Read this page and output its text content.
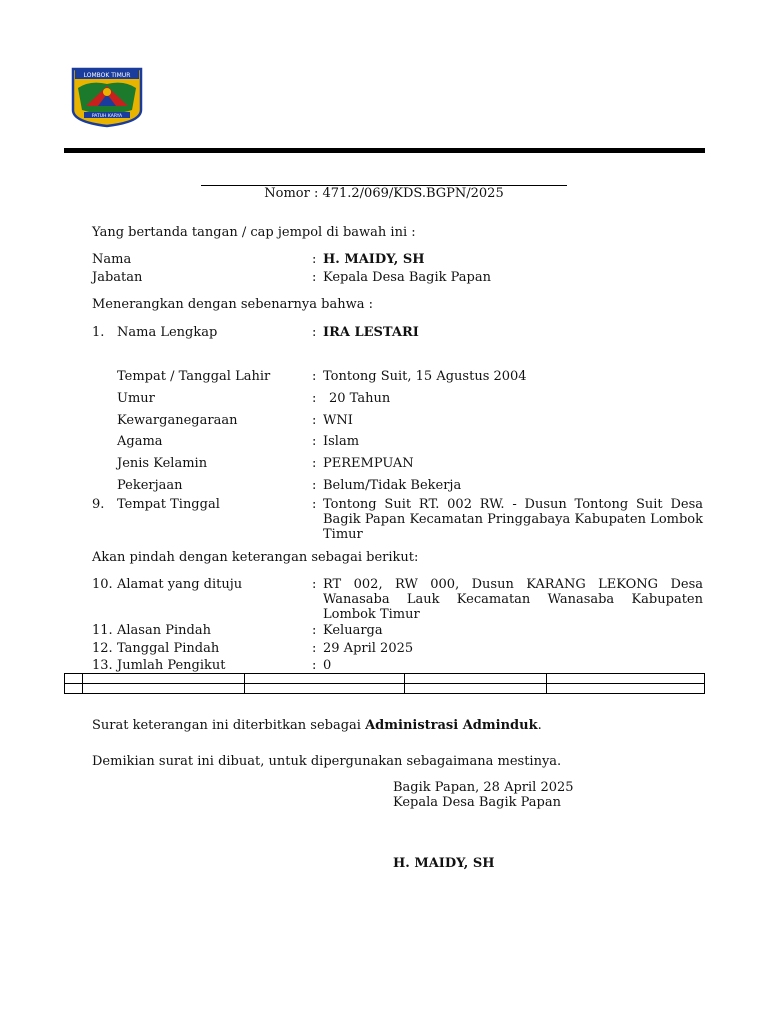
LOMBOK TIMUR
PATUH KARYA
Nomor : 471.2/069/KDS.BGPN/2025
Yang bertanda tangan / cap jempol di bawah ini :
Nama	: H. MAIDY, SH
Jabatan	: Kepala Desa Bagik Papan
Menerangkan dengan sebenarnya bahwa :
1. Nama Lengkap	: IRA LESTARI
Tempat / Tanggal Lahir	: Tontong Suit, 15 Agustus 2004
Umur	: 20 Tahun
Kewarganegaraan	: WNI
Agama	: Islam
Jenis Kelamin	: PEREMPUAN
Pekerjaan	: Belum/Tidak Bekerja
9. Tempat Tinggal	: Tontong Suit RT. 002 RW. - Dusun Tontong Suit Desa Bagik Papan Kecamatan Pringgabaya Kabupaten Lombok Timur
Akan pindah dengan keterangan sebagai berikut:
10. Alamat yang dituju	: RT 002, RW 000, Dusun KARANG LEKONG Desa Wanasaba Lauk Kecamatan Wanasaba Kabupaten Lombok Timur
11. Alasan Pindah	: Keluarga
12. Tanggal Pindah	: 29 April 2025
13. Jumlah Pengikut	: 0

Surat keterangan ini diterbitkan sebagai Administrasi Adminduk.
Demikian surat ini dibuat, untuk dipergunakan sebagaimana mestinya.
Bagik Papan, 28 April 2025
Kepala Desa Bagik Papan
H. MAIDY, SH
